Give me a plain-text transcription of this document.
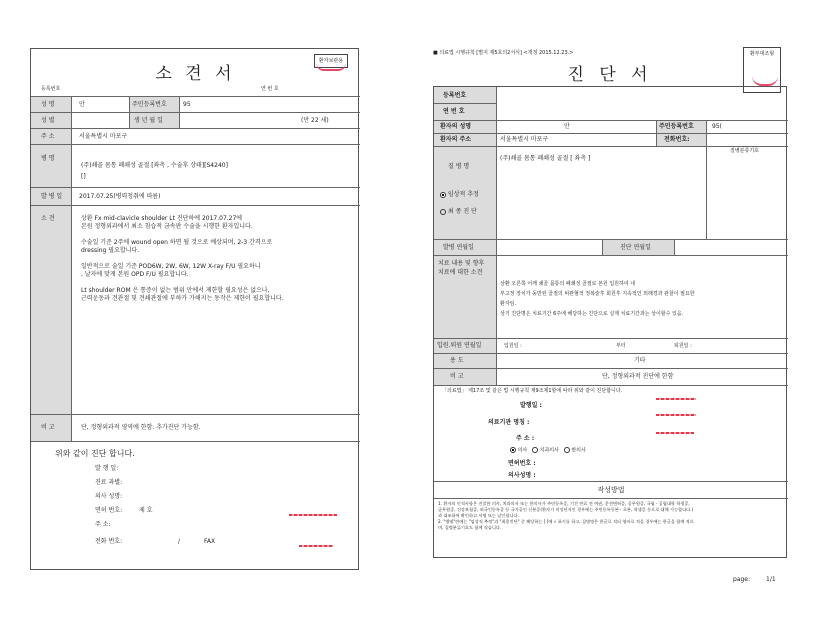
환자보관용
소 견 서
등록번호	연 번 호
성 명	안	주민등록번호	95
성 별	생 년 월 일	(만 22 세)
주 소	서울특별시 마포구
병 명
(주)쇄골 몸통 폐쇄성 골절 [좌측 , 수술후 상태][S4240]
[]
발 병 일	2017.07.25(병력청취에 따름)
소 견	상환 Fx mid-clavicle shoulder Lt 진단하에 2017.07.27에
본원 정형외과에서 최소 침습적 금속판 수술을 시행한 환자입니다.
수술일 기준 2주에 wound open 하면 될 것으로 예상되며, 2-3 간격으로
dressing 필요합니다.
일반적으로 술일 기준 POD6W, 2W, 6W, 12W X-ray F/U 필요하니
, 날자에 맞게 본원 OPD F/U 필요합니다.
Lt shoulder ROM 은 통증이 없는 범위 안에서 제한할 필요성은 없으나,
근력운동과 견관절 및 견쇄관절에 부하가 가해지는 동작은 제한이 필요합니다.
비 고	단, 정형외과적 영역에 한함. 추가진단 가능함.
위와 같이 진단 합니다.
발 행 일:
진료 과별:
의사 성명:
면허 번호:	제 호
주 소:
전화 번호:	/	FAX
■ 의료법 시행규칙 [별지 제5호의2서식] <개정 2015.12.23.>	환부대조형
진 단 서
등록번호
연 번 호
환자의 성명	안	주민등록번호	95(
환자의 주소	서울특별시 마포구	전화번호:
질 병 명
(주)쇄골 몸통 폐쇄성 골절 [ 좌측 ]
질병분류기호
임상적 추정
최 종 진 단
발병 연월일	진단 연월일
치료 내용 및 향후
치료에 대한 소견
상환 오른쪽 어깨 쇄골 몸통의 폐쇄성 골절로 본원 입원하여 내
부고정 장치가 동반된 골절의 비관혈적 정복술후 회원후 지속적인 외래경과 관찰이 필요한
환자임.
상기 진단명은 치료기간 6주에 해당하는 진단으로 실제 치료기간과는 상이할수 있음.
입원.퇴원 연월일	입원일 :	부터	퇴원일 :
용 도	기타
비 고	단, 정형외과적 진단에 한함
「의료법」 제17조 및 같은 법 시행규칙 제9조제1항에 따라 위와 같이 진단합니다.
발행일 :
의료기관 명칭 :
주 소 :
의사 치과의사 한의사
면허번호 :
의사성명 :
작성방법
1. 환자의 인적사항은 진찰한 의사, 치과의사 또는 한의사가 주민등록증, 기간 만료 전 여권, 운전면허증, 공무원증, 국립ㆍ공립대학 학생증,
군무원증, 건강보험증, 외국인등록증 등 국가공인 신분증(환자가 미성년자인 경우에는 주민등록등본ㆍ초본, 학생증 등으로 대체 가능합니다.)
과 대조하여 확인하고 서명 또는 날인합니다.
2. "병명"란에는 "임상적 추정"과 "최종진단" 중 해당하는 [ ]에 √ 표시를 하고, 질병명은 한글로 적되 영어로 적을 경우에는 한글을 함께 적으
며, 질병분류기호도 함께 적습니다.
page:	1/1
